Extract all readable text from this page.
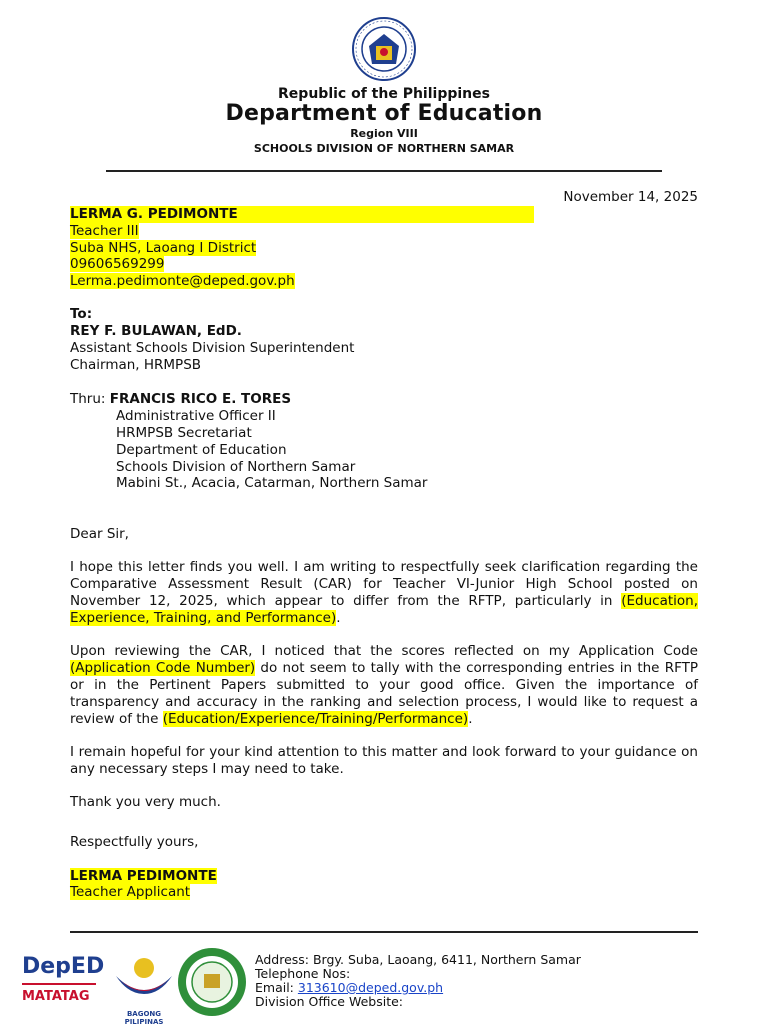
Republic of the Philippines
Department of Education
Region VIII
SCHOOLS DIVISION OF NORTHERN SAMAR
November 14, 2025
LERMA G. PEDIMONTE
Teacher III
Suba NHS, Laoang I District
09606569299
Lerma.pedimonte@deped.gov.ph
To:
REY F. BULAWAN, EdD.
Assistant Schools Division Superintendent
Chairman, HRMPSB
Thru: FRANCIS RICO E. TORES
Administrative Officer II
HRMPSB Secretariat
Department of Education
Schools Division of Northern Samar
Mabini St., Acacia, Catarman, Northern Samar
Dear Sir,
I hope this letter finds you well. I am writing to respectfully seek clarification regarding the Comparative Assessment Result (CAR) for Teacher VI-Junior High School posted on November 12, 2025, which appear to differ from the RFTP, particularly in (Education, Experience, Training, and Performance).
Upon reviewing the CAR, I noticed that the scores reflected on my Application Code (Application Code Number) do not seem to tally with the corresponding entries in the RFTP or in the Pertinent Papers submitted to your good office. Given the importance of transparency and accuracy in the ranking and selection process, I would like to request a review of the (Education/Experience/Training/Performance).
I remain hopeful for your kind attention to this matter and look forward to your guidance on any necessary steps I may need to take.
Thank you very much.
Respectfully yours,
LERMA PEDIMONTE
Teacher Applicant
DepED
MATATAG
BAGONG PILIPINAS
Address: Brgy. Suba, Laoang, 6411, Northern Samar
Telephone Nos:
Email: 313610@deped.gov.ph
Division Office Website:
